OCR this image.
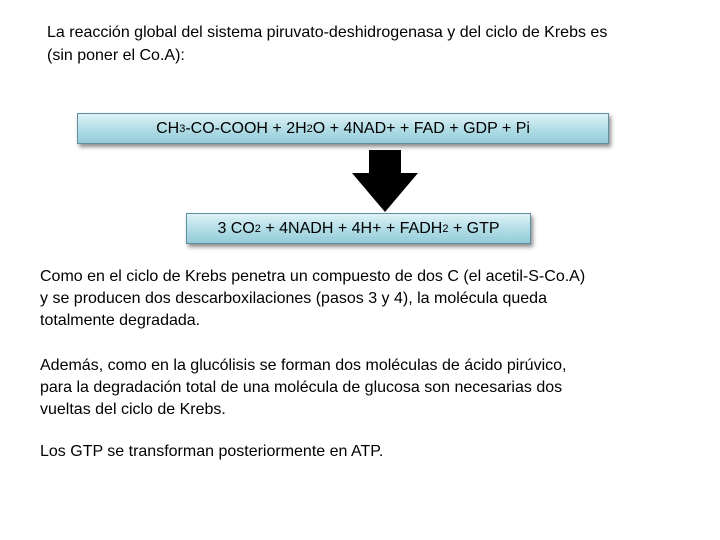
La reacción global del sistema piruvato-deshidrogenasa y del ciclo de Krebs es
(sin poner el Co.A):

CH 3 -CO-COOH + 2H 2 O + 4NAD+ + FAD + GDP + Pi
3 CO 2 + 4NADH + 4H+ + FADH 2 + GTP

Como en el ciclo de Krebs penetra un compuesto de dos C (el acetil-S-Co.A)
y se producen dos descarboxilaciones (pasos 3 y 4), la molécula queda
totalmente degradada.

Además, como en la glucólisis se forman dos moléculas de ácido pirúvico,
para la degradación total de una molécula de glucosa son necesarias dos
vueltas del ciclo de Krebs.

Los GTP se transforman posteriormente en ATP.
